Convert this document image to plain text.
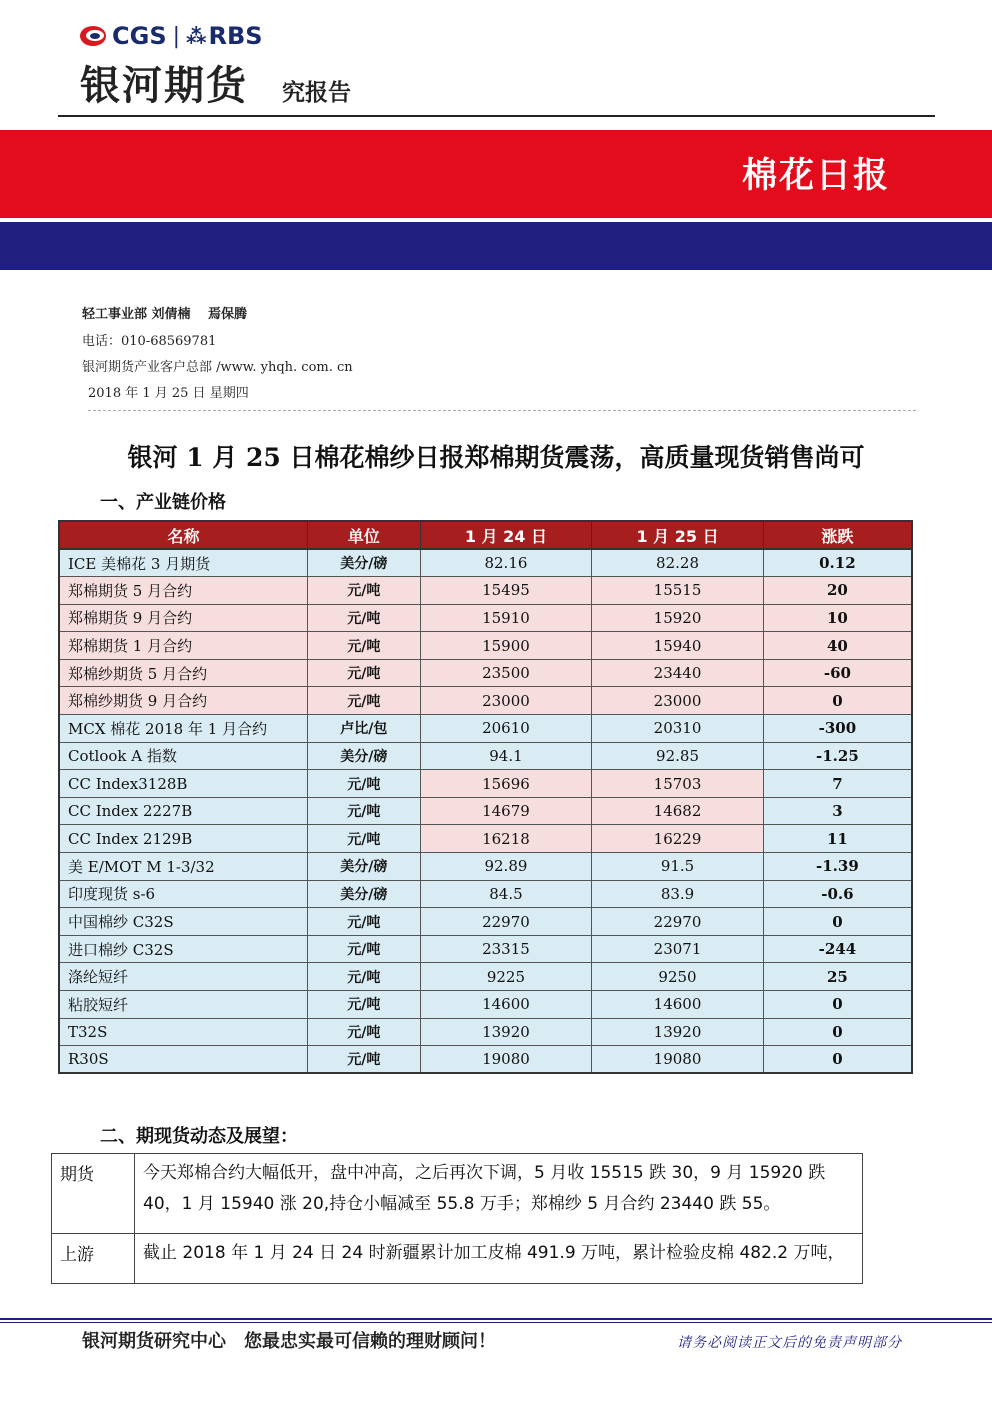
CGS | ⁂ RBS
银河期货 究报告
棉花日报
轻工事业部 刘倩楠　 焉保腾
电话：010-68569781
银河期货产业客户总部 /www. yhqh. com. cn
2018 年 1 月 25 日 星期四
银河 1 月 25 日棉花棉纱日报郑棉期货震荡，高质量现货销售尚可
一、产业链价格
名称	单位	1 月 24 日	1 月 25 日	涨跌
ICE 美棉花 3 月期货	美分/磅	82.16	82.28	0.12
郑棉期货 5 月合约	元/吨	15495	15515	20
郑棉期货 9 月合约	元/吨	15910	15920	10
郑棉期货 1 月合约	元/吨	15900	15940	40
郑棉纱期货 5 月合约	元/吨	23500	23440	-60
郑棉纱期货 9 月合约	元/吨	23000	23000	0
MCX 棉花 2018 年 1 月合约	卢比/包	20610	20310	-300
Cotlook A 指数	美分/磅	94.1	92.85	-1.25
CC Index3128B	元/吨	15696	15703	7
CC Index 2227B	元/吨	14679	14682	3
CC Index 2129B	元/吨	16218	16229	11
美 E/MOT M 1-3/32	美分/磅	92.89	91.5	-1.39
印度现货 s-6	美分/磅	84.5	83.9	-0.6
中国棉纱 C32S	元/吨	22970	22970	0
进口棉纱 C32S	元/吨	23315	23071	-244
涤纶短纤	元/吨	9225	9250	25
粘胶短纤	元/吨	14600	14600	0
T32S	元/吨	13920	13920	0
R30S	元/吨	19080	19080	0
二、期现货动态及展望：
期货	今天郑棉合约大幅低开，盘中冲高，之后再次下调，5 月收 15515 跌 30，9 月 15920 跌 40，1 月 15940 涨 20,持仓小幅减至 55.8 万手；郑棉纱 5 月合约 23440 跌 55。
上游	截止 2018 年 1 月 24 日 24 时新疆累计加工皮棉 491.9 万吨，累计检验皮棉 482.2 万吨，
银河期货研究中心　您最忠实最可信赖的理财顾问！	请务必阅读正文后的免责声明部分
